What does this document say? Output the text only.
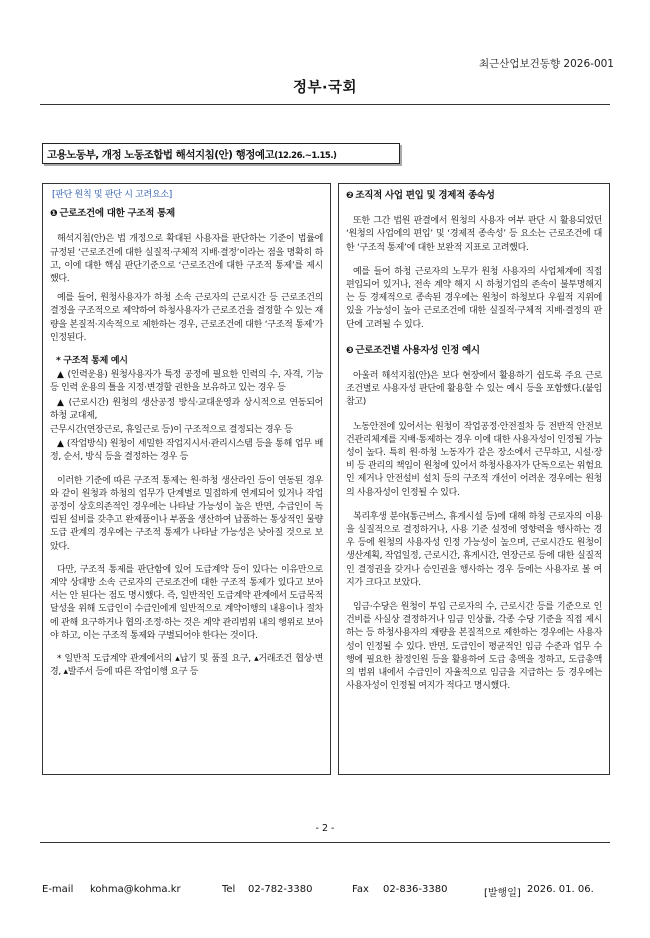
최근산업보건동향 2026-001
정부·국회
고용노동부, 개정 노동조합법 해석지침(안) 행정예고(12.26.~1.15.)
[판단 원칙 및 판단 시 고려요소]
❶ 근로조건에 대한 구조적 통제
해석지침(안)은 법 개정으로 확대된 사용자를 판단하는 기준이 법률에 규정된 ‘근로조건에 대한 실질적·구체적 지배·결정’이라는 점을 명확히 하고, 이에 대한 핵심 판단기준으로 ‘근로조건에 대한 구조적 통제’를 제시했다.
예를 들어, 원청사용자가 하청 소속 근로자의 근로시간 등 근로조건의 결정을 구조적으로 제약하여 하청사용자가 근로조건을 결정할 수 있는 재량을 본질적·지속적으로 제한하는 경우, 근로조건에 대한 ‘구조적 통제’가 인정된다.
* 구조적 통제 예시
▲ (인력운용) 원청사용자가 특정 공정에 필요한 인력의 수, 자격, 기능 등 인력 운용의 틀을 지정·변경할 권한을 보유하고 있는 경우 등
▲ (근로시간) 원청의 생산공정 방식·교대운영과 상시적으로 연동되어 하청 교대제,
근무시간(연장근로, 휴일근로 등)이 구조적으로 결정되는 경우 등
▲ (작업방식) 원청이 세밀한 작업지시서·관리시스템 등을 통해 업무 배정, 순서, 방식 등을 결정하는 경우 등
이러한 기준에 따른 구조적 통제는 원·하청 생산라인 등이 연동된 경우와 같이 원청과 하청의 업무가 단계별로 밀접하게 연계되어 있거나 작업공정이 상호의존적인 경우에는 나타날 가능성이 높은 반면, 수급인이 독립된 설비를 갖추고 완제품이나 부품을 생산하여 납품하는 통상적인 물량도급 관계의 경우에는 구조적 통제가 나타날 가능성은 낮아질 것으로 보았다.
다만, 구조적 통제를 판단함에 있어 도급계약 등이 있다는 이유만으로 계약 상대방 소속 근로자의 근로조건에 대한 구조적 통제가 있다고 보아서는 안 된다는 점도 명시했다. 즉, 일반적인 도급계약 관계에서 도급목적 달성을 위해 도급인이 수급인에게 일반적으로 계약이행의 내용이나 절차에 관해 요구하거나 협의·조정·하는 것은 계약 관리범위 내의 행위로 보아야 하고, 이는 구조적 통제와 구별되어야 한다는 것이다.
* 일반적 도급계약 관계에서의 ▴납기 및 품질 요구, ▴거래조건 협상·변경, ▴발주서 등에 따른 작업이행 요구 등
❷ 조직적 사업 편입 및 경제적 종속성
또한 그간 법원 판결에서 원청의 사용자 여부 판단 시 활용되었던 ‘원청의 사업에의 편입’ 및 ‘경제적 종속성’ 등 요소는 근로조건에 대한 ‘구조적 통제’에 대한 보완적 지표로 고려했다.
예를 들어 하청 근로자의 노무가 원청 사용자의 사업체계에 직접 편입되어 있거나, 전속 계약 해지 시 하청기업의 존속이 불투명해지는 등 경제적으로 종속된 경우에는 원청이 하청보다 우월적 지위에 있을 가능성이 높아 근로조건에 대한 실질적·구체적 지배·결정의 판단에 고려될 수 있다.
❸ 근로조건별 사용자성 인정 예시
아울러 해석지침(안)은 보다 현장에서 활용하기 쉽도록 주요 근로조건별로 사용자성 판단에 활용할 수 있는 예시 등을 포함했다.(붙임 참고)
노동안전에 있어서는 원청이 작업공정·안전절차 등 전반적 안전보건관리체계를 지배·통제하는 경우 이에 대한 사용자성이 인정될 가능성이 높다. 특히 원·하청 노동자가 같은 장소에서 근무하고, 시설·장비 등 관리의 책임이 원청에 있어서 하청사용자가 단독으로는 위험요인 제거나 안전설비 설치 등의 구조적 개선이 어려운 경우에는 원청의 사용자성이 인정될 수 있다.
복리후생 분야(통근버스, 휴게시설 등)에 대해 하청 근로자의 이용을 실질적으로 결정하거나, 사용 기준 설정에 영향력을 행사하는 경우 등에 원청의 사용자성 인정 가능성이 높으며, 근로시간도 원청이 생산계획, 작업일정, 근로시간, 휴게시간, 연장근로 등에 대한 실질적인 결정권을 갖거나 승인권을 행사하는 경우 등에는 사용자로 볼 여지가 크다고 보았다.
임금·수당은 원청이 투입 근로자의 수, 근로시간 등를 기준으로 인건비를 사실상 결정하거나 임금 인상률, 각종 수당 기준을 직접 제시하는 등 하청사용자의 재량을 본질적으로 제한하는 경우에는 사용자성이 인정될 수 있다. 반면, 도급인이 평균적인 임금 수준과 업무 수행에 필요한 참정인원 등을 활용하여 도급 총액을 정하고, 도급총액의 범위 내에서 수급인이 자율적으로 임금을 지급하는 등 경우에는 사용자성이 인정될 여지가 적다고 명시했다.
- 2 -
E-mail kohma@kohma.kr	Tel 02-782-3380	Fax 02-836-3380	[발행일] 2026. 01. 06.
